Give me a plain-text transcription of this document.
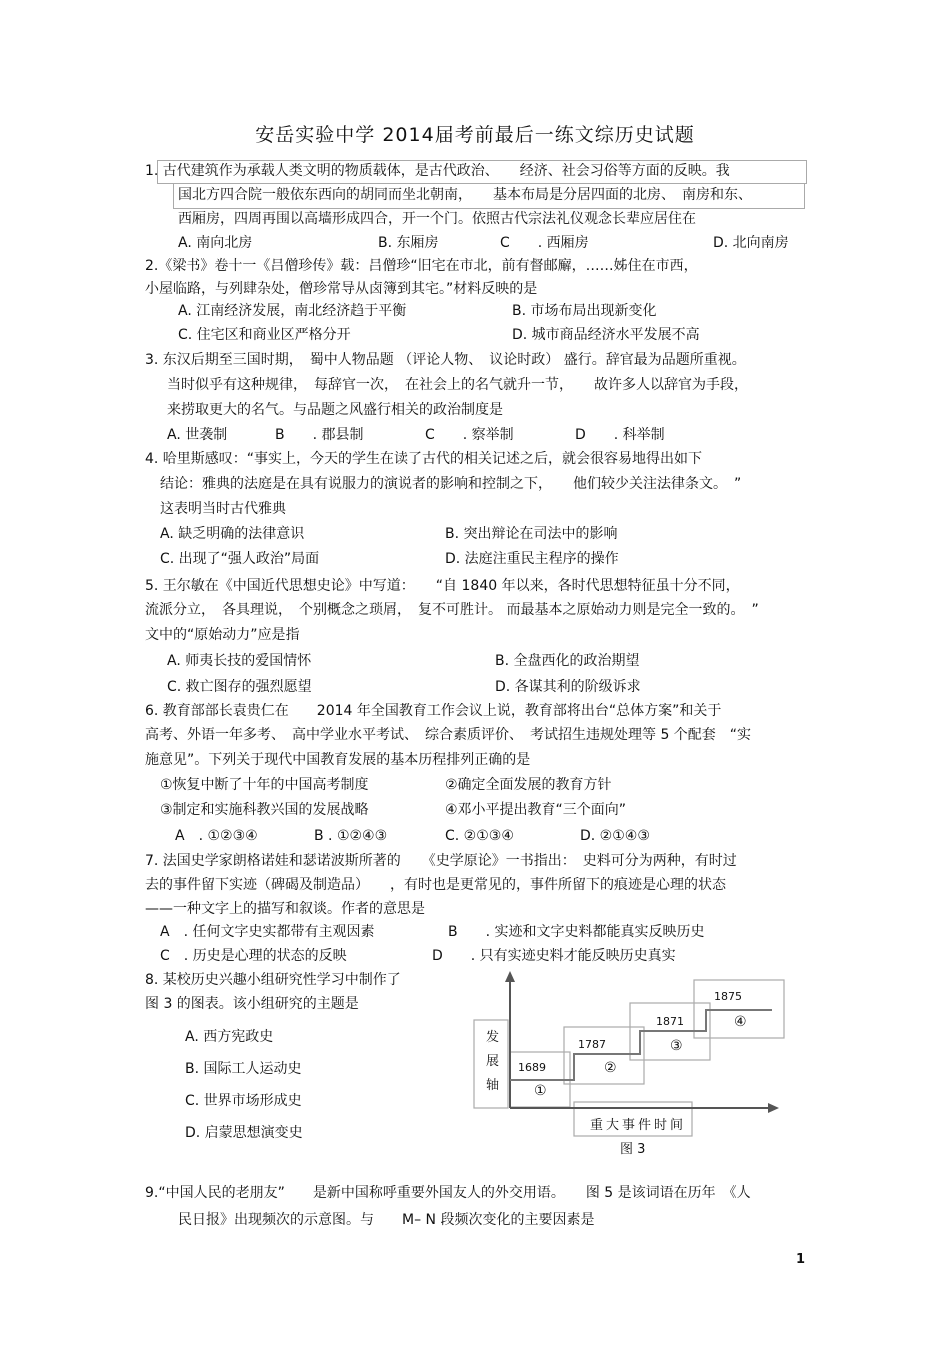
安岳实验中学 2014届考前最后一练文综历史试题
1. 古代建筑作为承载人类文明的物质载体，是古代政治、　　经济、社会习俗等方面的反映。我
国北方四合院一般依东西向的胡同而坐北朝南，　　基本布局是分居四面的北房、　南房和东、
西厢房，四周再围以高墙形成四合，开一个门。依照古代宗法礼仪观念长辈应居住在
A. 南向北房	B. 东厢房	C　　. 西厢房	D. 北向南房
2.《梁书》卷十一《吕僧珍传》载：吕僧珍“旧宅在市北，前有督邮廨，……姊住在市西，
小屋临路，与列肆杂处，僧珍常导从卤簿到其宅。”材料反映的是
A. 江南经济发展，南北经济趋于平衡	B. 市场布局出现新变化
C. 住宅区和商业区严格分开	D. 城市商品经济水平发展不高
3. 东汉后期至三国时期，　蜀中人物品题 （评论人物、　议论时政） 盛行。辞官最为品题所重视。
当时似乎有这种规律，　每辞官一次，　在社会上的名气就升一节，　　故许多人以辞官为手段，
来捞取更大的名气。与品题之风盛行相关的政治制度是
A. 世袭制	B　　. 郡县制	C　　. 察举制	D　　. 科举制
4. 哈里斯感叹：“事实上，今天的学生在读了古代的相关记述之后，就会很容易地得出如下
结论：雅典的法庭是在具有说服力的演说者的影响和控制之下，　　他们较少关注法律条文。　”
这表明当时古代雅典
A. 缺乏明确的法律意识	B. 突出辩论在司法中的影响
C. 出现了“强人政治”局面	D. 法庭注重民主程序的操作
5. 王尔敏在《中国近代思想史论》中写道：　　“自 1840 年以来，各时代思想特征虽十分不同，
流派分立，　各具理说，　个别概念之琐屑，　复不可胜计。 而最基本之原始动力则是完全一致的。　”
文中的“原始动力”应是指
A. 师夷长技的爱国情怀	B. 全盘西化的政治期望
C. 救亡图存的强烈愿望	D. 各谋其利的阶级诉求
6. 教育部部长袁贵仁在　　2014 年全国教育工作会议上说，教育部将出台“总体方案”和关于
高考、外语一年多考、　高中学业水平考试、　综合素质评价、　考试招生违规处理等 5 个配套　“实
施意见”。下列关于现代中国教育发展的基本历程排列正确的是
①恢复中断了十年的中国高考制度	②确定全面发展的教育方针
③制定和实施科教兴国的发展战略	④邓小平提出教育“三个面向”
A　. ①②③④	B . ①②④③	C. ②①③④	D. ②①④③
7. 法国史学家朗格诺娃和瑟诺波斯所著的　　《史学原论》一书指出：　史料可分为两种，有时过
去的事件留下实迹（碑碣及制造品）　　，有时也是更常见的，事件所留下的痕迹是心理的状态
——一种文字上的描写和叙谈。作者的意思是
A　. 任何文字史实都带有主观因素	B　　. 实迹和文字史料都能真实反映历史
C　. 历史是心理的状态的反映	D　　. 只有实迹史料才能反映历史真实
8. 某校历史兴趣小组研究性学习中制作了
图 3 的图表。该小组研究的主题是
A. 西方宪政史
B. 国际工人运动史
C. 世界市场形成史
D. 启蒙思想演变史
发
展
轴
1689
1787
1871
1875
①
②
③
④
重大事件时间
图 3
9.“中国人民的老朋友”　　是新中国称呼重要外国友人的外交用语。　　图 5 是该词语在历年　《人
民日报》出现频次的示意图。与　　M– N 段频次变化的主要因素是
1
